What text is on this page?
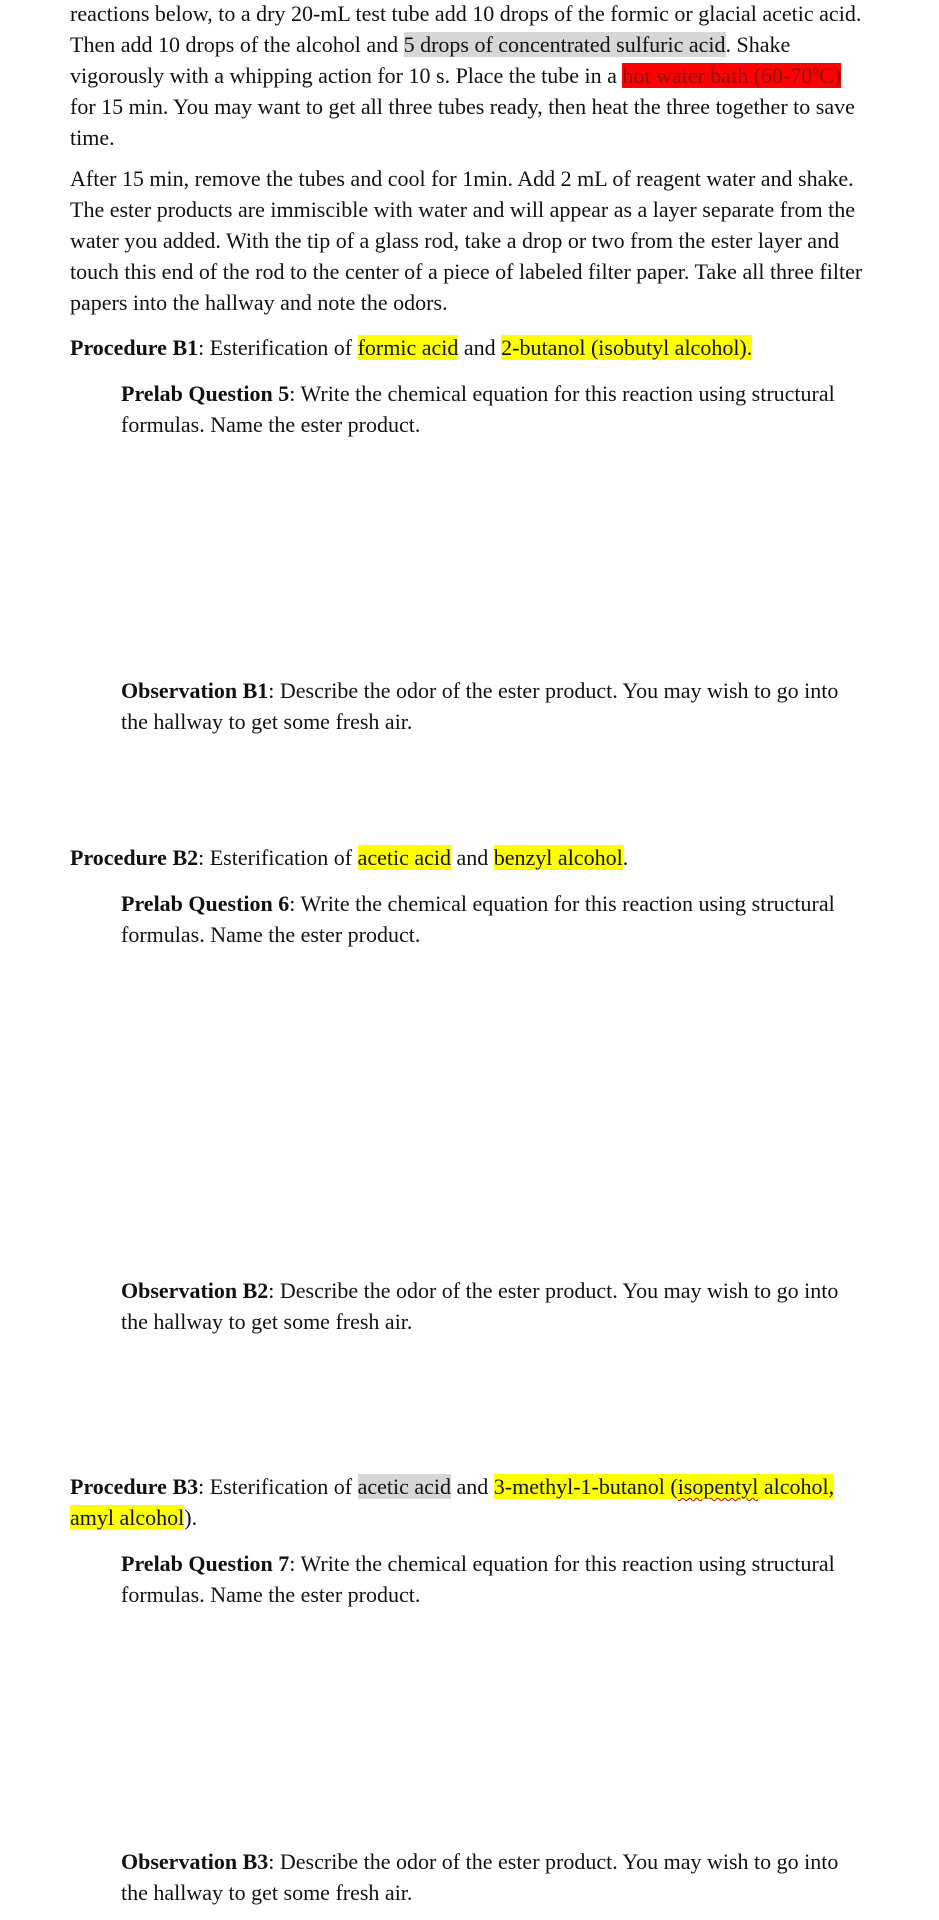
reactions below, to a dry 20-mL test tube add 10 drops of the formic or glacial acetic acid. Then add 10 drops of the alcohol and 5 drops of concentrated sulfuric acid. Shake vigorously with a whipping action for 10 s. Place the tube in a hot water bath (60-70ºC) for 15 min. You may want to get all three tubes ready, then heat the three together to save time.

After 15 min, remove the tubes and cool for 1min. Add 2 mL of reagent water and shake. The ester products are immiscible with water and will appear as a layer separate from the water you added. With the tip of a glass rod, take a drop or two from the ester layer and touch this end of the rod to the center of a piece of labeled filter paper. Take all three filter papers into the hallway and note the odors.

Procedure B1: Esterification of formic acid and 2-butanol (isobutyl alcohol).

Prelab Question 5: Write the chemical equation for this reaction using structural formulas. Name the ester product.

Observation B1: Describe the odor of the ester product. You may wish to go into the hallway to get some fresh air.

Procedure B2: Esterification of acetic acid and benzyl alcohol.

Prelab Question 6: Write the chemical equation for this reaction using structural formulas. Name the ester product.

Observation B2: Describe the odor of the ester product. You may wish to go into the hallway to get some fresh air.

Procedure B3: Esterification of acetic acid and 3-methyl-1-butanol (isopentyl alcohol, amyl alcohol).

Prelab Question 7: Write the chemical equation for this reaction using structural formulas. Name the ester product.

Observation B3: Describe the odor of the ester product. You may wish to go into the hallway to get some fresh air.
